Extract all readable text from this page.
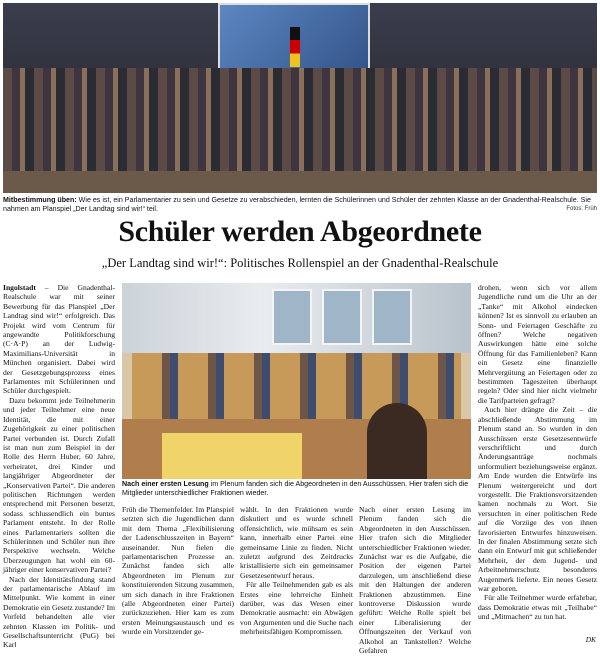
Mitbestimmung üben: Wie es ist, ein Parlamentarier zu sein und Gesetze zu verabschieden, lernten die Schülerinnen und Schüler der zehnten Klasse an der Gnadenthal-Realschule. Sie nahmen am Planspiel „Der Landtag sind wir!“ teil.	Fotos: Früh
Schüler werden Abgeordnete
„Der Landtag sind wir!“: Politisches Rollenspiel an der Gnadenthal-Realschule

Ingolstadt – Die Gnadenthal-Realschule war mit seiner Bewerbung für das Planspiel „Der Landtag sind wir!“ erfolgreich. Das Projekt wird vom Centrum für angewandte Politikforschung (C·A·P) an der Ludwig-Maximilians-Universität in München organisiert. Dabei wird der Gesetzgebungsprozess eines Parlamentes mit Schülerinnen und Schüler durchgespielt.

Dazu bekommt jede Teilnehmerin und jeder Teilnehmer eine neue Identität, die mit einer Zugehörigkeit zu einer politischen Partei verbunden ist. Durch Zufall ist man nun zum Beispiel in der Rolle des Herrn Huber, 60 Jahre, verheiratet, drei Kinder und langjähriger Abgeordneter der „Konservativen Partei“. Die anderen politischen Richtungen werden entsprechend mit Personen besetzt, sodass schlussendlich ein buntes Parlament entsteht. In der Rolle eines Parlamentariers sollten die Schülerinnen und Schüler nun ihre Perspektive wechseln. Welche Überzeugungen hat wohl ein 60-jähriger einer konservativen Partei?

Nach der Identitätsfindung stand der parlamentarische Ablauf im Mittelpunkt. Wie kommt in einer Demokratie ein Gesetz zustande? Im Vorfeld behandelten alle vier zehnten Klassen im Politik- und Gesellschaftsunterricht (PuG) bei Karl

Nach einer ersten Lesung im Plenum fanden sich die Abgeordneten in den Ausschüssen. Hier trafen sich die Mitglieder unterschiedlicher Fraktionen wieder.

Früh die Themenfelder. Im Planspiel setzten sich die Jugendlichen dann mit dem Thema „Flexibilisierung der Ladenschlusszeiten in Bayern“ auseinander. Nun fielen die parlamentarischen Prozesse an. Zunächst fanden sich alle Abgeordneten im Plenum zur konstituierenden Sitzung zusammen, um sich danach in ihre Fraktionen (alle Abgeordneten einer Partei) zurückzuziehen. Hier kam es zum ersten Meinungsaustausch und es wurde ein Vorsitzender ge-

wählt. In den Fraktionen wurde diskutiert und es wurde schnell offensichtlich, wie mühsam es sein kann, innerhalb einer Partei eine gemeinsame Linie zu finden. Nicht zuletzt aufgrund des Zeitdrucks kristallisierte sich ein gemeinsamer Gesetzesentwurf heraus.

Für alle Teilnehmenden gab es als Erstes eine lehrreiche Einheit darüber, was das Wesen einer Demokratie ausmacht: ein Abwägen von Argumenten und die Suche nach mehrheitsfähigen Kompromissen.

Nach einer ersten Lesung im Plenum fanden sich die Abgeordneten in den Ausschüssen. Hier trafen sich die Mitglieder unterschiedlicher Fraktionen wieder. Zunächst war es die Aufgabe, die Position der eigenen Partei darzulegen, um anschließend diese mit den Haltungen der anderen Fraktionen abzustimmen. Eine kontroverse Diskussion wurde geführt: Welche Rolle spielt bei einer Liberalisierung der Öffnungszeiten der Verkauf von Alkohol an Tankstellen? Welche Gefahren

drohen, wenn sich vor allem Jugendliche rund um die Uhr an der „Tanke“ mit Alkohol eindecken können? Ist es sinnvoll zu erlauben an Sonn- und Feiertagen Geschäfte zu öffnen? Welche negativen Auswirkungen hätte eine solche Öffnung für das Familienleben? Kann ein Gesetz eine finanzielle Mehrvergütung an Feiertagen oder zu bestimmten Tageszeiten überhaupt regeln? Oder sind hier nicht vielmehr die Tarifparteien gefragt?

Auch hier drängte die Zeit – die abschließende Abstimmung im Plenum stand an. So wurden in den Ausschüssen erste Gesetzesentwürfe verschriftlicht und durch Änderungsanträge nochmals unformuliert beziehungsweise ergänzt. Am Ende wurden die Entwürfe ins Plenum weitergereicht und dort vorgestellt. Die Fraktionsvorsitzenden kamen nochmals zu Wort. Sie versuchten in einer politischen Rede auf die Vorzüge des von ihnen favorisierten Entwurfes hinzuweisen. In der finalen Abstimmung setzte sich dann ein Entwurf mit gut schließender Mehrheit, der dem Jugend- und Arbeitnehmerschutz besonderes Augenmerk lieferte. Ein neues Gesetz war geboren.

Für alle Teilnehmer wurde erfahrbar, dass Demokratie etwas mit „Teilhabe“ und „Mitmachen“ zu tun hat.

DK
